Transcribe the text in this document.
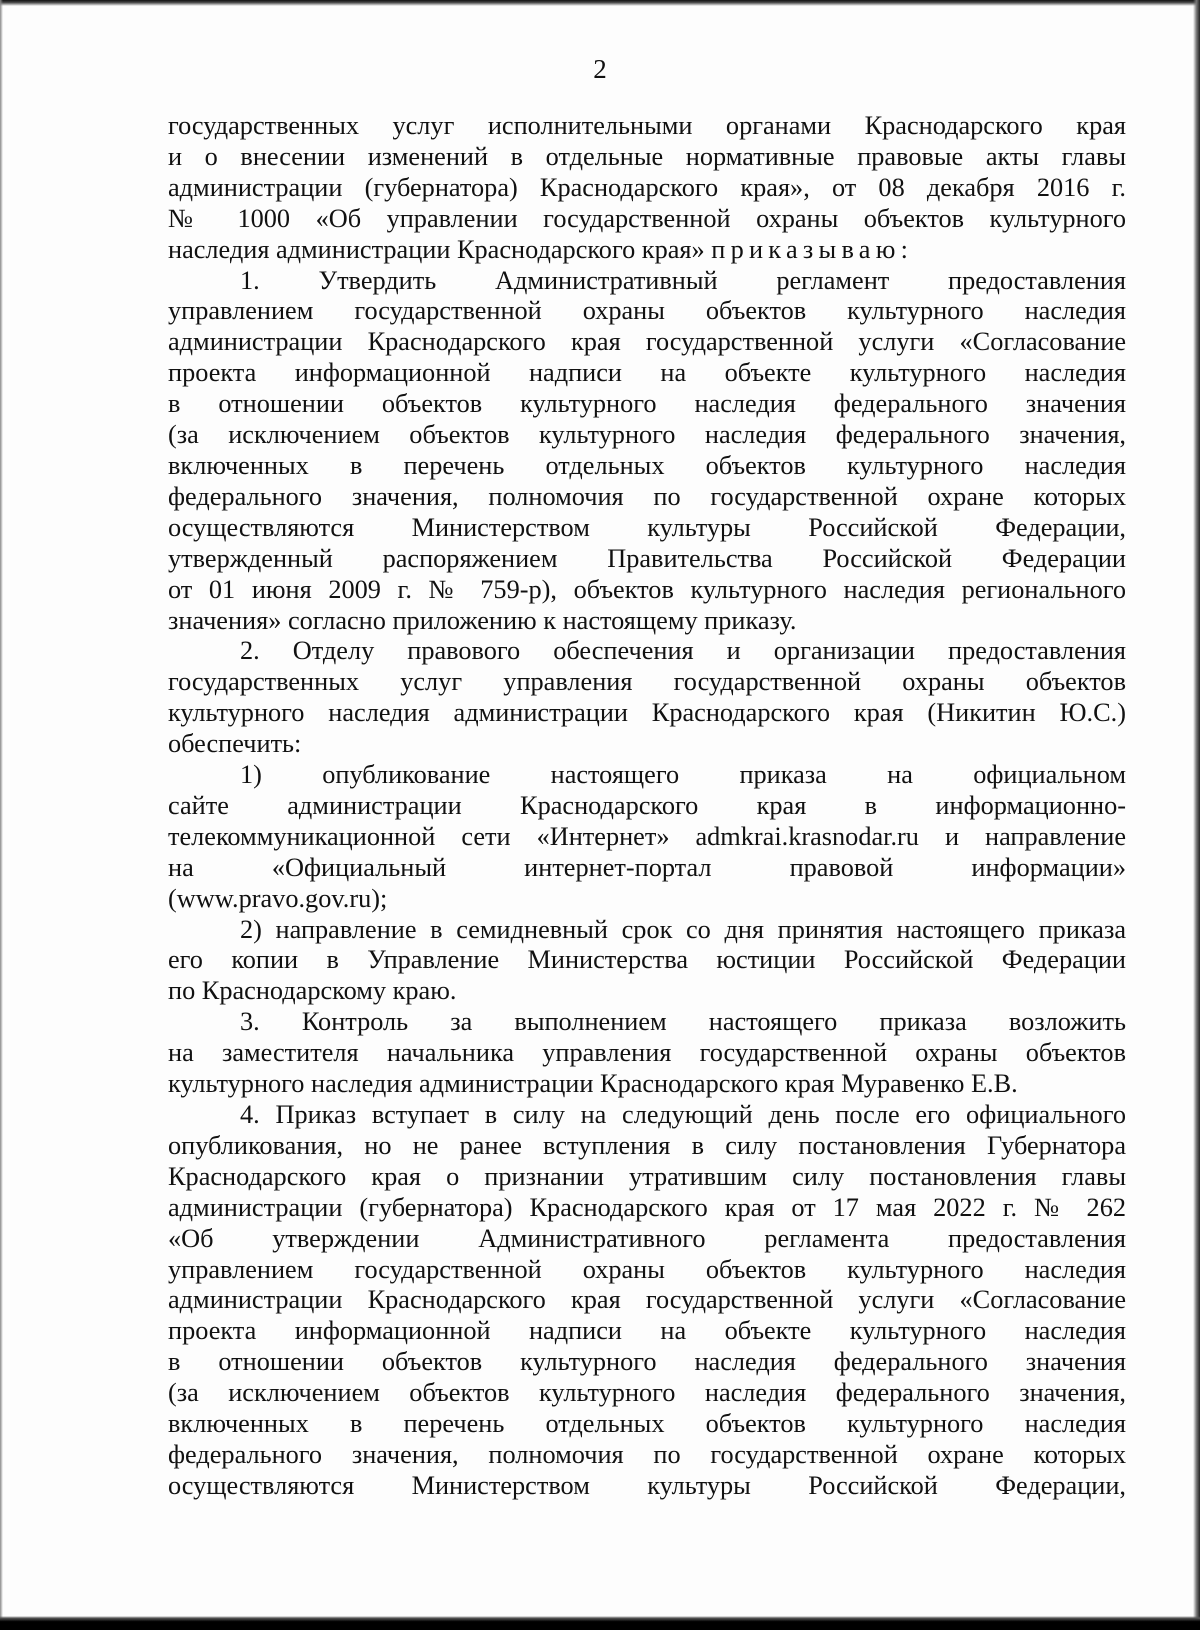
2
государственных услуг исполнительными органами Краснодарского края
и о внесении изменений в отдельные нормативные правовые акты главы
администрации (губернатора) Краснодарского края», от 08 декабря 2016 г.
№ 1000 «Об управлении государственной охраны объектов культурного
наследия администрации Краснодарского края» приказываю:
1. Утвердить Административный регламент предоставления
управлением государственной охраны объектов культурного наследия
администрации Краснодарского края государственной услуги «Согласование
проекта информационной надписи на объекте культурного наследия
в отношении объектов культурного наследия федерального значения
(за исключением объектов культурного наследия федерального значения,
включенных в перечень отдельных объектов культурного наследия
федерального значения, полномочия по государственной охране которых
осуществляются Министерством культуры Российской Федерации,
утвержденный распоряжением Правительства Российской Федерации
от 01 июня 2009 г. № 759-р), объектов культурного наследия регионального
значения» согласно приложению к настоящему приказу.
2. Отделу правового обеспечения и организации предоставления
государственных услуг управления государственной охраны объектов
культурного наследия администрации Краснодарского края (Никитин Ю.С.)
обеспечить:
1) опубликование настоящего приказа на официальном
сайте администрации Краснодарского края в информационно-
телекоммуникационной сети «Интернет» admkrai.krasnodar.ru и направление
на «Официальный интернет-портал правовой информации»
(www.pravo.gov.ru);
2) направление в семидневный срок со дня принятия настоящего приказа
его копии в Управление Министерства юстиции Российской Федерации
по Краснодарскому краю.
3. Контроль за выполнением настоящего приказа возложить
на заместителя начальника управления государственной охраны объектов
культурного наследия администрации Краснодарского края Муравенко Е.В.
4. Приказ вступает в силу на следующий день после его официального
опубликования, но не ранее вступления в силу постановления Губернатора
Краснодарского края о признании утратившим силу постановления главы
администрации (губернатора) Краснодарского края от 17 мая 2022 г. № 262
«Об утверждении Административного регламента предоставления
управлением государственной охраны объектов культурного наследия
администрации Краснодарского края государственной услуги «Согласование
проекта информационной надписи на объекте культурного наследия
в отношении объектов культурного наследия федерального значения
(за исключением объектов культурного наследия федерального значения,
включенных в перечень отдельных объектов культурного наследия
федерального значения, полномочия по государственной охране которых
осуществляются Министерством культуры Российской Федерации,
